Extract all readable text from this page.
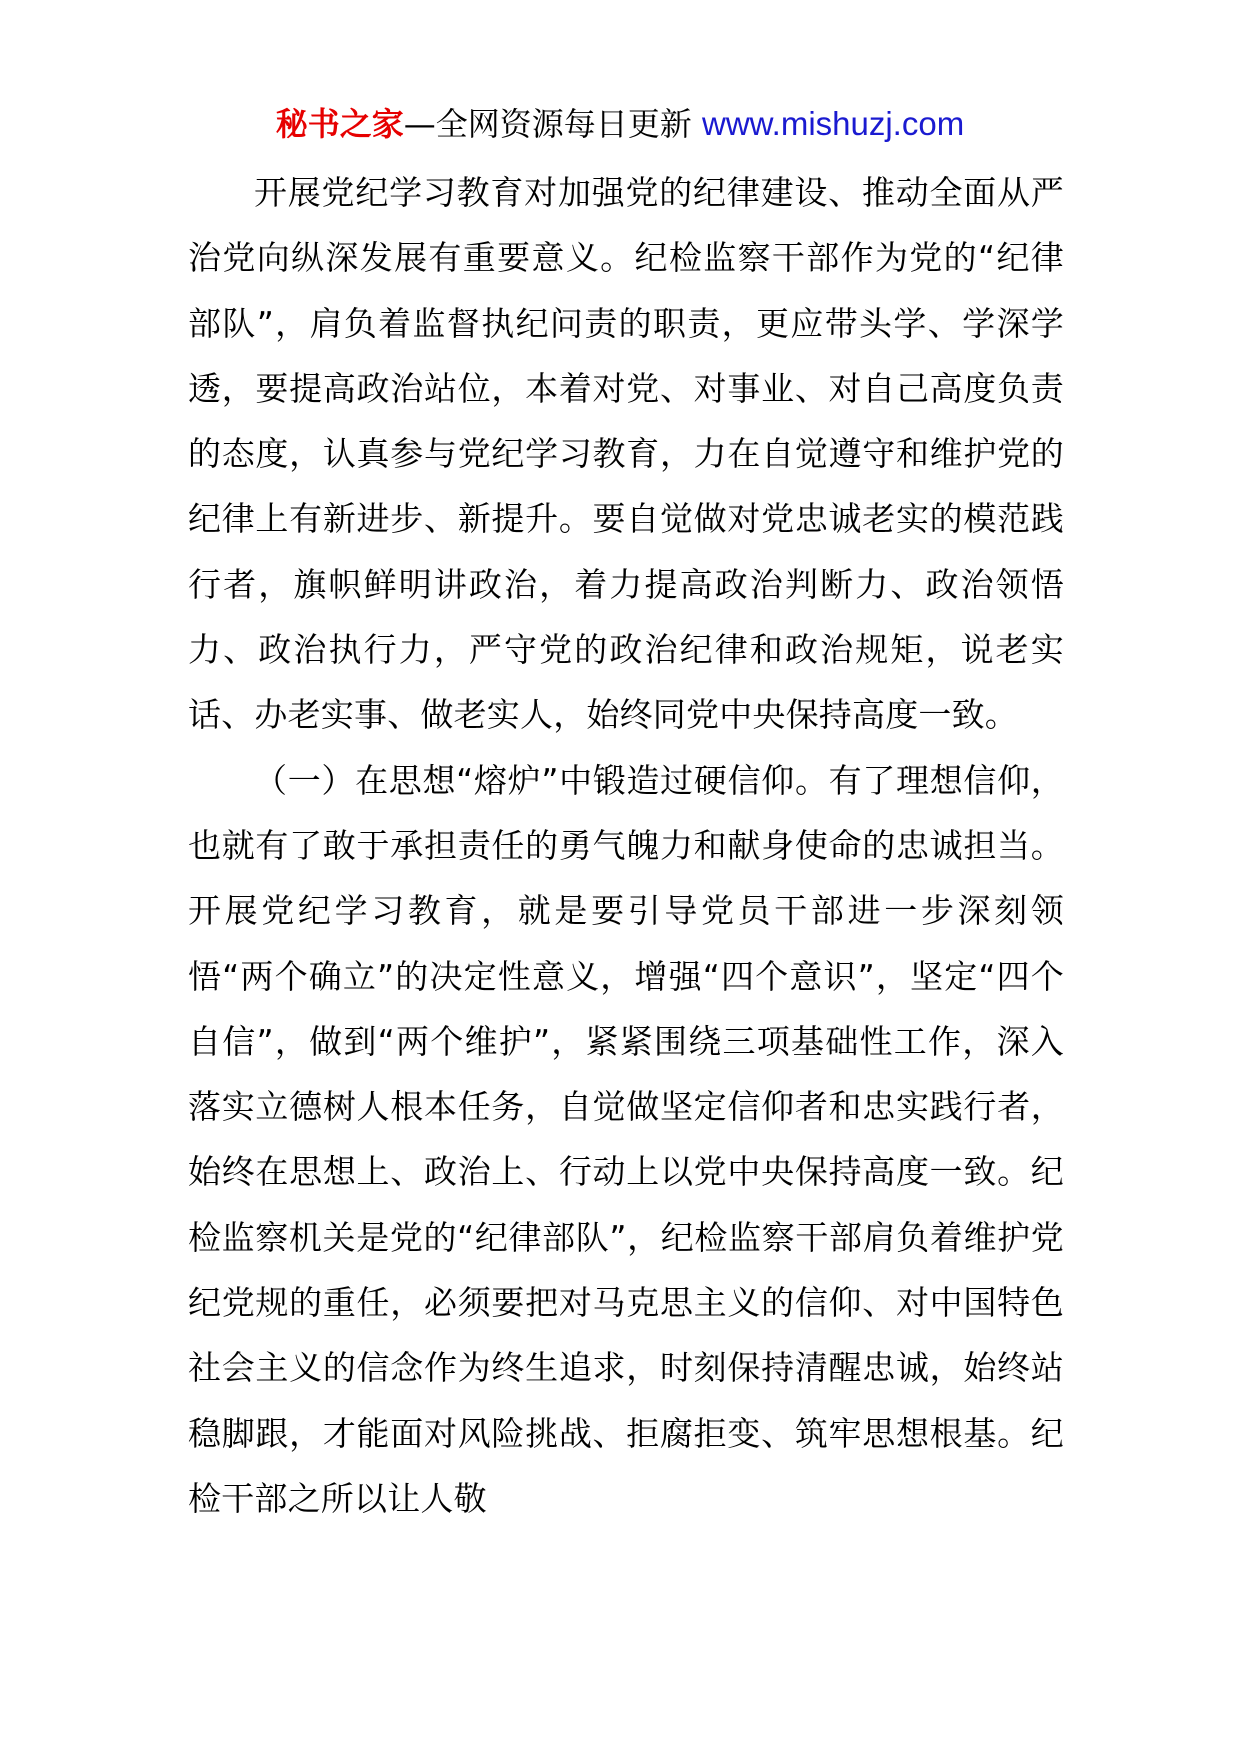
秘书之家—全网资源每日更新 www.mishuzj.com

开展党纪学习教育对加强党的纪律建设、推动全面从严治党向纵深发展有重要意义。纪检监察干部作为党的“纪律部队”，肩负着监督执纪问责的职责，更应带头学、学深学透，要提高政治站位，本着对党、对事业、对自己高度负责的态度，认真参与党纪学习教育，力在自觉遵守和维护党的纪律上有新进步、新提升。要自觉做对党忠诚老实的模范践行者，旗帜鲜明讲政治，着力提高政治判断力、政治领悟力、政治执行力，严守党的政治纪律和政治规矩，说老实话、办老实事、做老实人，始终同党中央保持高度一致。

（一）在思想“熔炉”中锻造过硬信仰。有了理想信仰，也就有了敢于承担责任的勇气魄力和献身使命的忠诚担当。开展党纪学习教育，就是要引导党员干部进一步深刻领悟“两个确立”的决定性意义，增强“四个意识”，坚定“四个自信”，做到“两个维护”，紧紧围绕三项基础性工作，深入落实立德树人根本任务，自觉做坚定信仰者和忠实践行者，始终在思想上、政治上、行动上以党中央保持高度一致。纪检监察机关是党的“纪律部队”，纪检监察干部肩负着维护党纪党规的重任，必须要把对马克思主义的信仰、对中国特色社会主义的信念作为终生追求，时刻保持清醒忠诚，始终站稳脚跟，才能面对风险挑战、拒腐拒变、筑牢思想根基。纪检干部之所以让人敬
